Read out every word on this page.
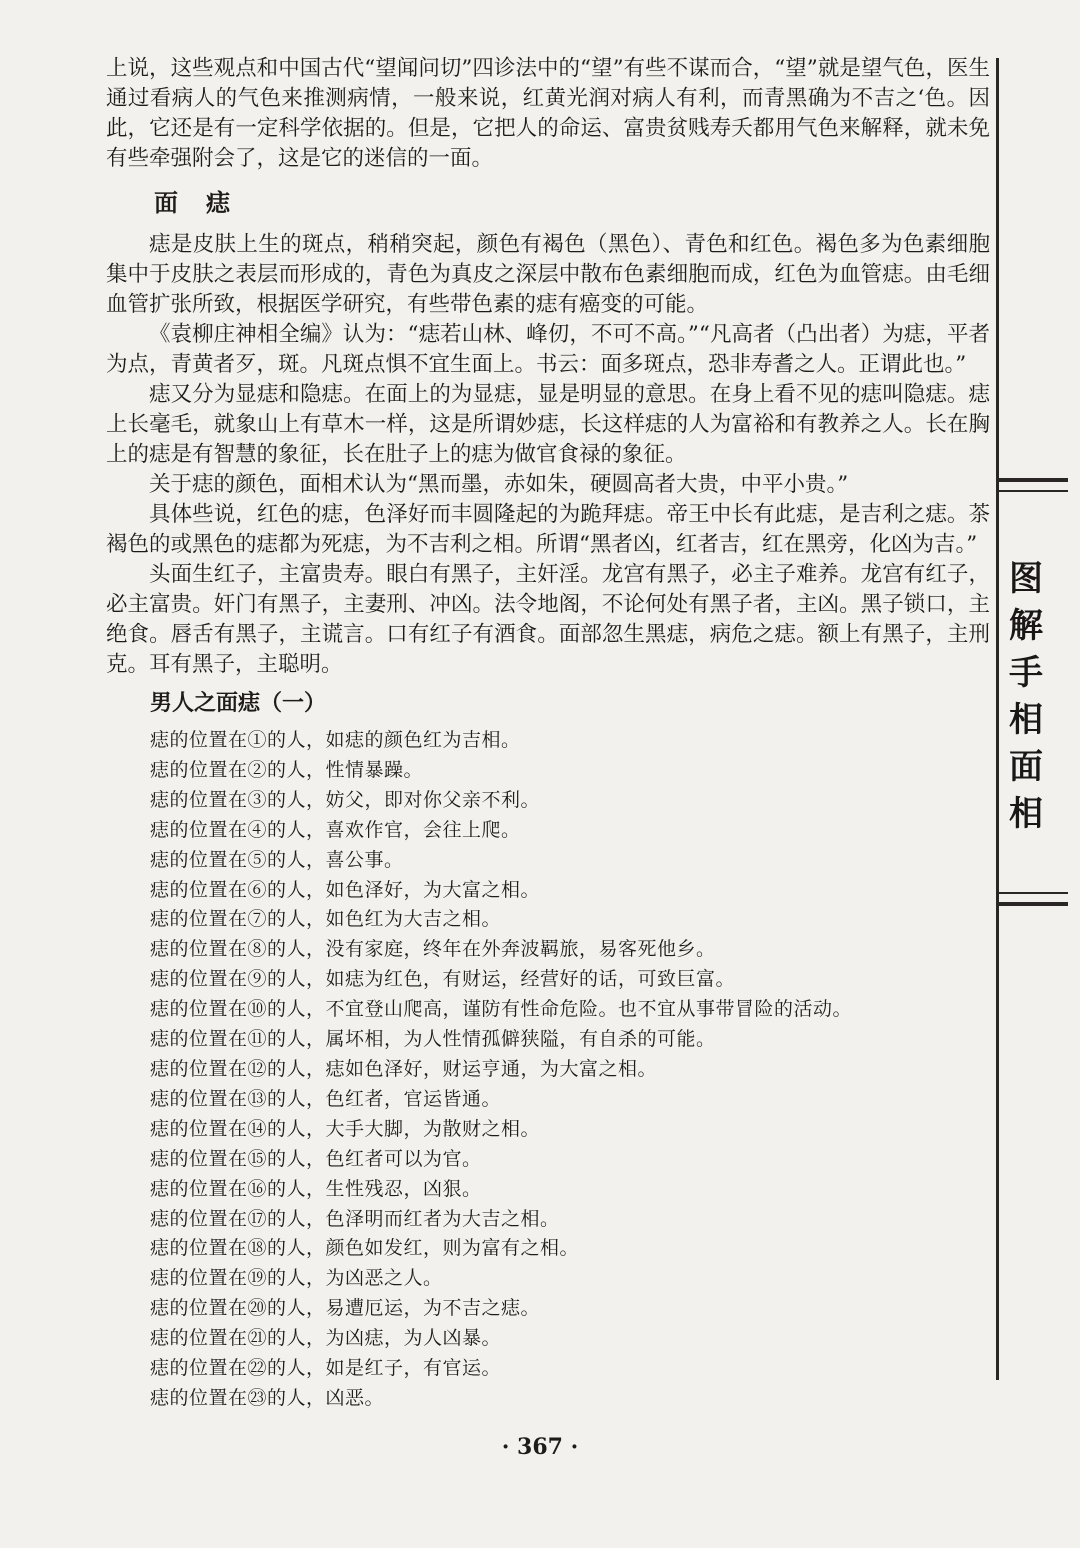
上说，这些观点和中国古代“望闻问切”四诊法中的“望”有些不谋而合，“望”就是望气色，医生通过看病人的气色来推测病情，一般来说，红黄光润对病人有利，而青黑确为不吉之‘色。因此，它还是有一定科学依据的。但是，它把人的命运、富贵贫贱寿夭都用气色来解释，就未免有些牵强附会了，这是它的迷信的一面。

面痣

痣是皮肤上生的斑点，稍稍突起，颜色有褐色（黑色）、青色和红色。褐色多为色素细胞集中于皮肤之表层而形成的，青色为真皮之深层中散布色素细胞而成，红色为血管痣。由毛细血管扩张所致，根据医学研究，有些带色素的痣有癌变的可能。

《袁柳庄神相全编》认为：“痣若山林、峰仞，不可不高。”“凡高者（凸出者）为痣，平者为点，青黄者歹，斑。凡斑点惧不宜生面上。书云：面多斑点，恐非寿耆之人。正谓此也。”

痣又分为显痣和隐痣。在面上的为显痣，显是明显的意思。在身上看不见的痣叫隐痣。痣上长毫毛，就象山上有草木一样，这是所谓妙痣，长这样痣的人为富裕和有教养之人。长在胸上的痣是有智慧的象征，长在肚子上的痣为做官食禄的象征。

关于痣的颜色，面相术认为“黑而墨，赤如朱，硬圆高者大贵，中平小贵。”

具体些说，红色的痣，色泽好而丰圆隆起的为跪拜痣。帝王中长有此痣，是吉利之痣。茶褐色的或黑色的痣都为死痣，为不吉利之相。所谓“黑者凶，红者吉，红在黑旁，化凶为吉。”

头面生红子，主富贵寿。眼白有黑子，主奸淫。龙宫有黑子，必主子难养。龙宫有红子，必主富贵。奸门有黑子，主妻刑、冲凶。法令地阁，不论何处有黑子者，主凶。黑子锁口，主绝食。唇舌有黑子，主谎言。口有红子有酒食。面部忽生黑痣，病危之痣。额上有黑子，主刑克。耳有黑子，主聪明。

男人之面痣（一）

痣的位置在①的人，如痣的颜色红为吉相。
痣的位置在②的人，性情暴躁。
痣的位置在③的人，妨父，即对你父亲不利。
痣的位置在④的人，喜欢作官，会往上爬。
痣的位置在⑤的人，喜公事。
痣的位置在⑥的人，如色泽好，为大富之相。
痣的位置在⑦的人，如色红为大吉之相。
痣的位置在⑧的人，没有家庭，终年在外奔波羁旅，易客死他乡。
痣的位置在⑨的人，如痣为红色，有财运，经营好的话，可致巨富。
痣的位置在⑩的人，不宜登山爬高，谨防有性命危险。也不宜从事带冒险的活动。
痣的位置在⑪的人，属坏相，为人性情孤僻狭隘，有自杀的可能。
痣的位置在⑫的人，痣如色泽好，财运亨通，为大富之相。
痣的位置在⑬的人，色红者，官运皆通。
痣的位置在⑭的人，大手大脚，为散财之相。
痣的位置在⑮的人，色红者可以为官。
痣的位置在⑯的人，生性残忍，凶狠。
痣的位置在⑰的人，色泽明而红者为大吉之相。
痣的位置在⑱的人，颜色如发红，则为富有之相。
痣的位置在⑲的人，为凶恶之人。
痣的位置在⑳的人，易遭厄运，为不吉之痣。
痣的位置在㉑的人，为凶痣，为人凶暴。
痣的位置在㉒的人，如是红子，有官运。
痣的位置在㉓的人，凶恶。
图
解
手
相
面
相
· 367 ·
